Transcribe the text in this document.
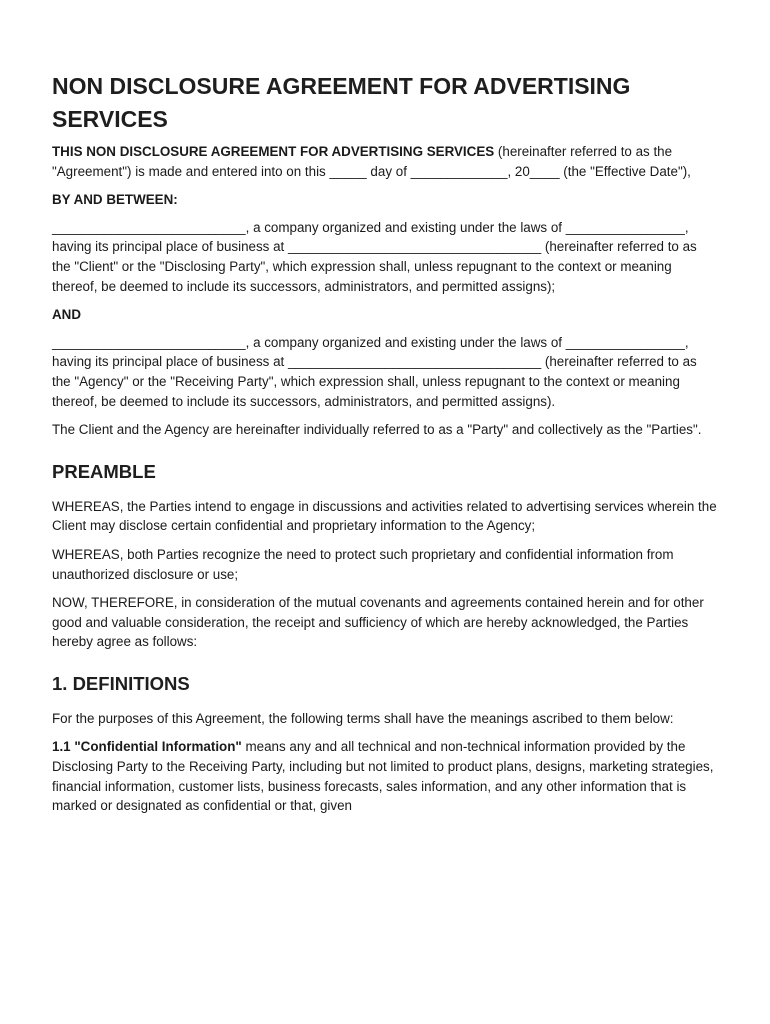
NON DISCLOSURE AGREEMENT FOR ADVERTISING SERVICES

THIS NON DISCLOSURE AGREEMENT FOR ADVERTISING SERVICES (hereinafter referred to as the "Agreement") is made and entered into on this _____ day of _____________, 20____ (the "Effective Date"),

BY AND BETWEEN:

__________________________, a company organized and existing under the laws of ________________, having its principal place of business at __________________________________ (hereinafter referred to as the "Client" or the "Disclosing Party", which expression shall, unless repugnant to the context or meaning thereof, be deemed to include its successors, administrators, and permitted assigns);

AND

__________________________, a company organized and existing under the laws of ________________, having its principal place of business at __________________________________ (hereinafter referred to as the "Agency" or the "Receiving Party", which expression shall, unless repugnant to the context or meaning thereof, be deemed to include its successors, administrators, and permitted assigns).

The Client and the Agency are hereinafter individually referred to as a "Party" and collectively as the "Parties".

PREAMBLE

WHEREAS, the Parties intend to engage in discussions and activities related to advertising services wherein the Client may disclose certain confidential and proprietary information to the Agency;

WHEREAS, both Parties recognize the need to protect such proprietary and confidential information from unauthorized disclosure or use;

NOW, THEREFORE, in consideration of the mutual covenants and agreements contained herein and for other good and valuable consideration, the receipt and sufficiency of which are hereby acknowledged, the Parties hereby agree as follows:

1. DEFINITIONS

For the purposes of this Agreement, the following terms shall have the meanings ascribed to them below:

1.1 "Confidential Information" means any and all technical and non-technical information provided by the Disclosing Party to the Receiving Party, including but not limited to product plans, designs, marketing strategies, financial information, customer lists, business forecasts, sales information, and any other information that is marked or designated as confidential or that, given
